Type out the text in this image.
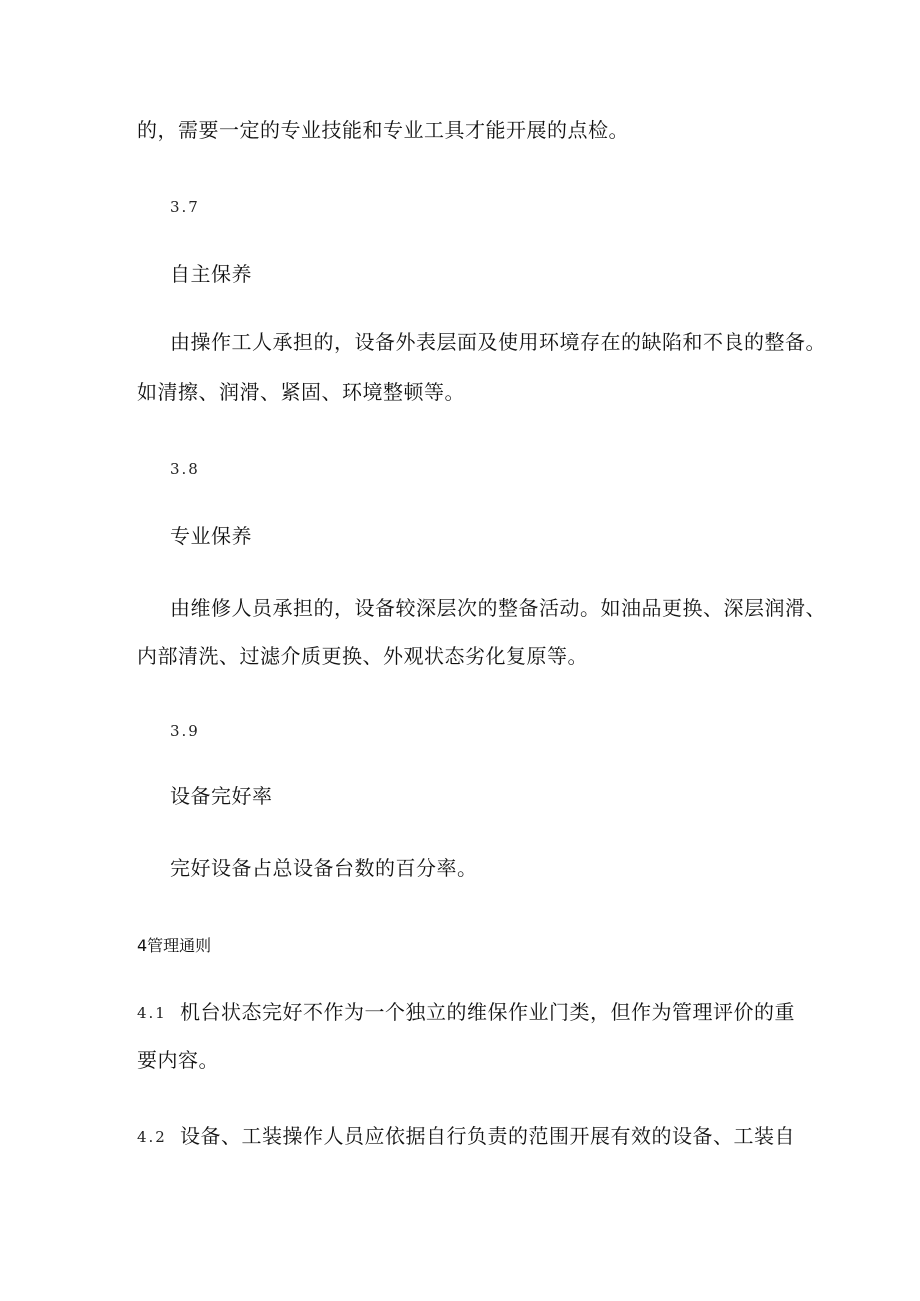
的，需要一定的专业技能和专业工具才能开展的点检。
3.7
自主保养
由操作工人承担的，设备外表层面及使用环境存在的缺陷和不良的整备。
如清擦、润滑、紧固、环境整顿等。
3.8
专业保养
由维修人员承担的，设备较深层次的整备活动。如油品更换、深层润滑、
内部清洗、过滤介质更换、外观状态劣化复原等。
3.9
设备完好率
完好设备占总设备台数的百分率。
4管理通则
4.1 机台状态完好不作为一个独立的维保作业门类，但作为管理评价的重
要内容。
4.2 设备、工装操作人员应依据自行负责的范围开展有效的设备、工装自
